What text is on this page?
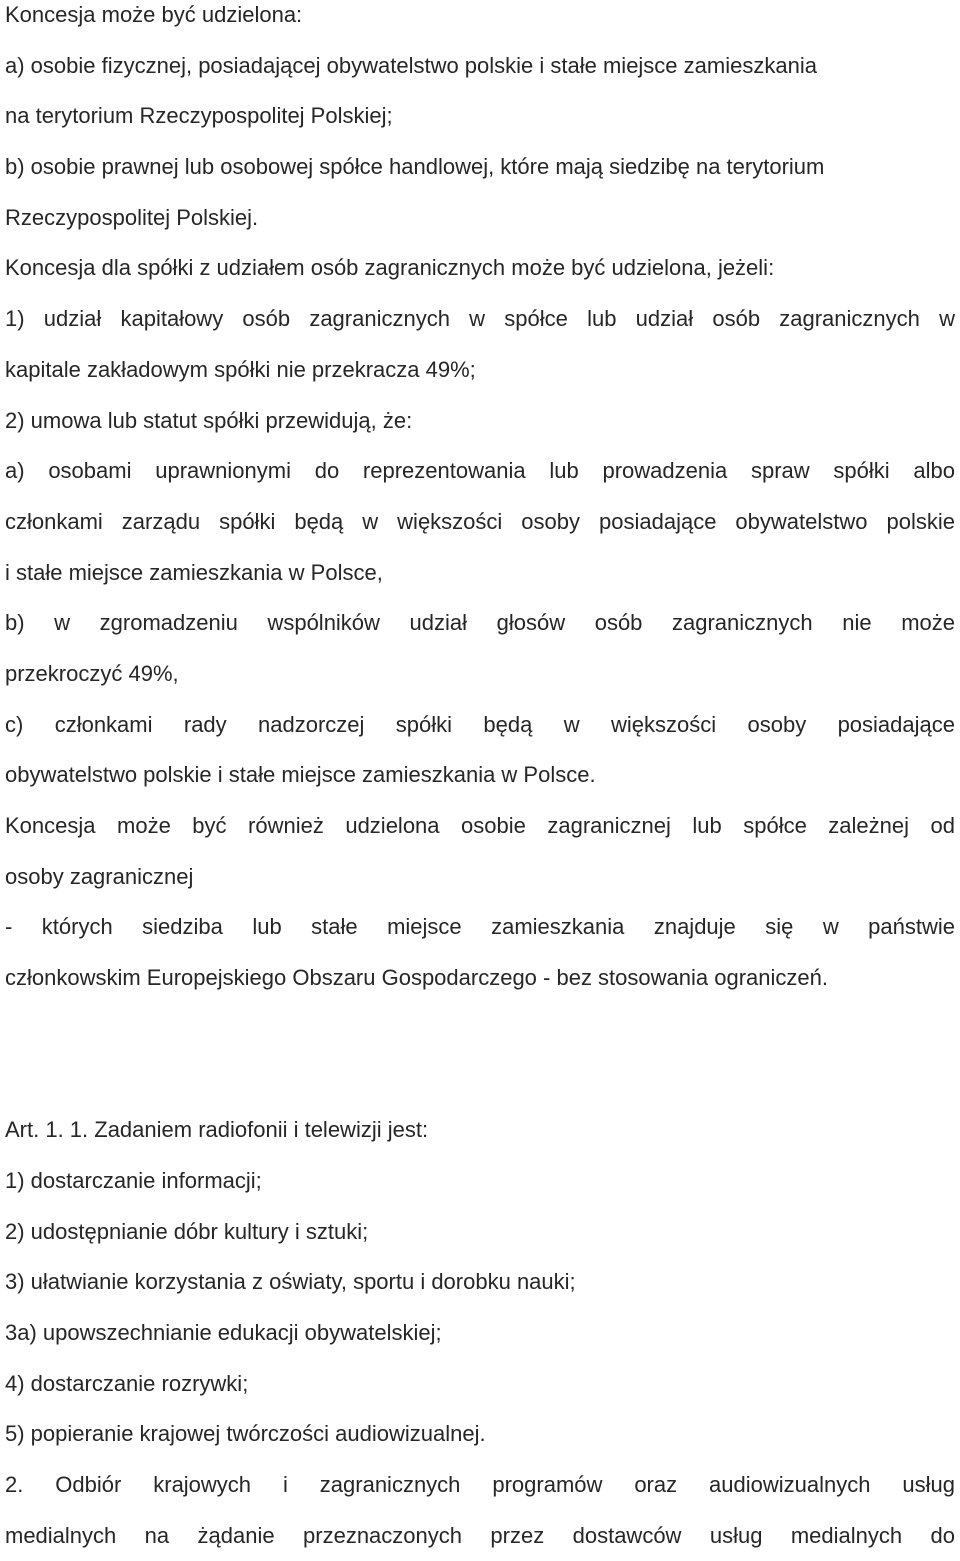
Koncesja może być udzielona:
a) osobie fizycznej, posiadającej obywatelstwo polskie i stałe miejsce zamieszkania
na terytorium Rzeczypospolitej Polskiej;
b) osobie prawnej lub osobowej spółce handlowej, które mają siedzibę na terytorium
Rzeczypospolitej Polskiej.

Koncesja dla spółki z udziałem osób zagranicznych może być udzielona, jeżeli:
1) udział kapitałowy osób zagranicznych w spółce lub udział osób zagranicznych w
kapitale zakładowym spółki nie przekracza 49%;
2) umowa lub statut spółki przewidują, że:
a) osobami uprawnionymi do reprezentowania lub prowadzenia spraw spółki albo
członkami zarządu spółki będą w większości osoby posiadające obywatelstwo polskie
i stałe miejsce zamieszkania w Polsce,
b) w zgromadzeniu wspólników udział głosów osób zagranicznych nie może
przekroczyć 49%,
c) członkami rady nadzorczej spółki będą w większości osoby posiadające
obywatelstwo polskie i stałe miejsce zamieszkania w Polsce.

Koncesja może być również udzielona osobie zagranicznej lub spółce zależnej od
osoby zagranicznej
- których siedziba lub stałe miejsce zamieszkania znajduje się w państwie
członkowskim Europejskiego Obszaru Gospodarczego - bez stosowania ograniczeń.

Art. 1. 1. Zadaniem radiofonii i telewizji jest:
1) dostarczanie informacji;
2) udostępnianie dóbr kultury i sztuki;
3) ułatwianie korzystania z oświaty, sportu i dorobku nauki;
3a) upowszechnianie edukacji obywatelskiej;
4) dostarczanie rozrywki;
5) popieranie krajowej twórczości audiowizualnej.
2. Odbiór krajowych i zagranicznych programów oraz audiowizualnych usług
medialnych na żądanie przeznaczonych przez dostawców usług medialnych do
